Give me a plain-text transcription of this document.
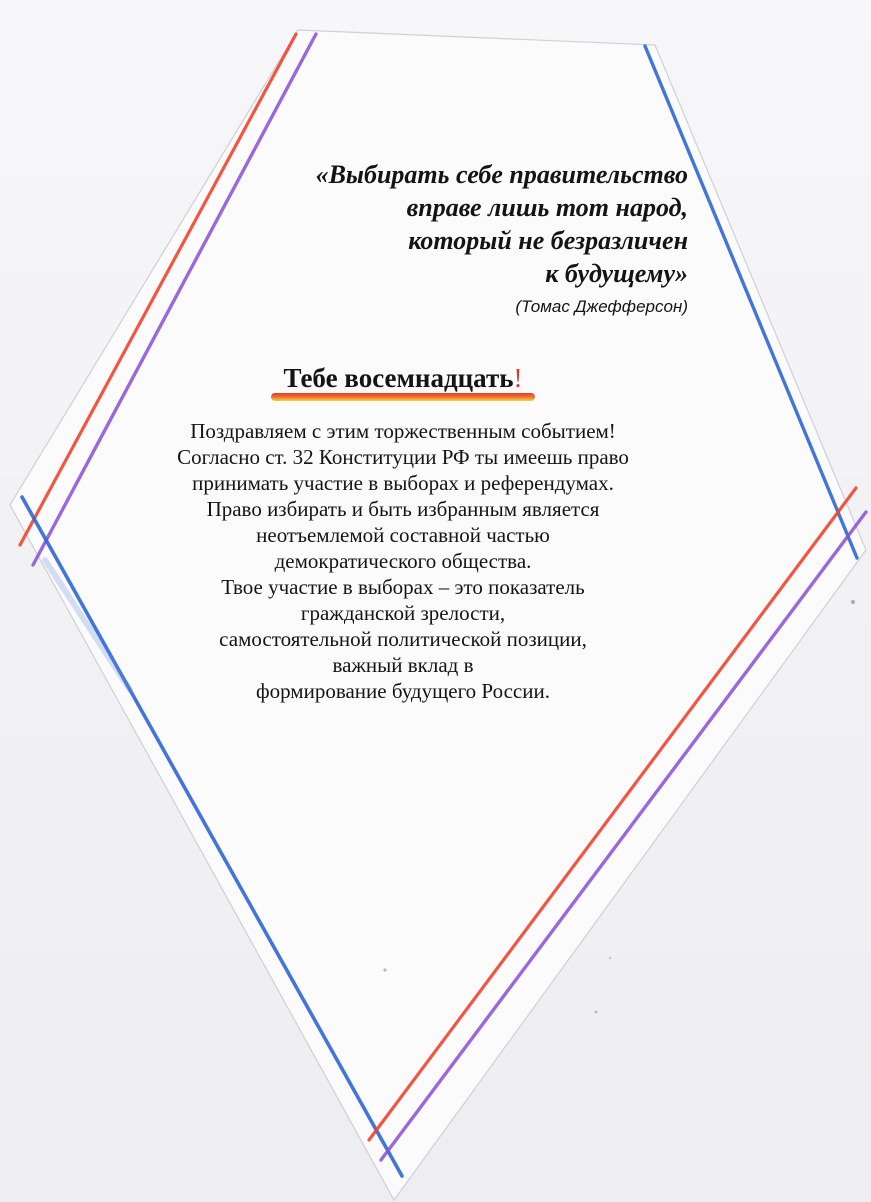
«Выбирать себе правительство
вправе лишь тот народ,
который не безразличен
к будущему»
(Томас Джефферсон)
Тебе восемнадцать!
Поздравляем с этим торжественным событием!
Согласно ст. 32 Конституции РФ ты имеешь право
принимать участие в выборах и референдумах.
Право избирать и быть избранным является
неотъемлемой составной частью
демократического общества.
Твое участие в выборах – это показатель
гражданской зрелости,
самостоятельной политической позиции,
важный вклад в
формирование будущего России.
